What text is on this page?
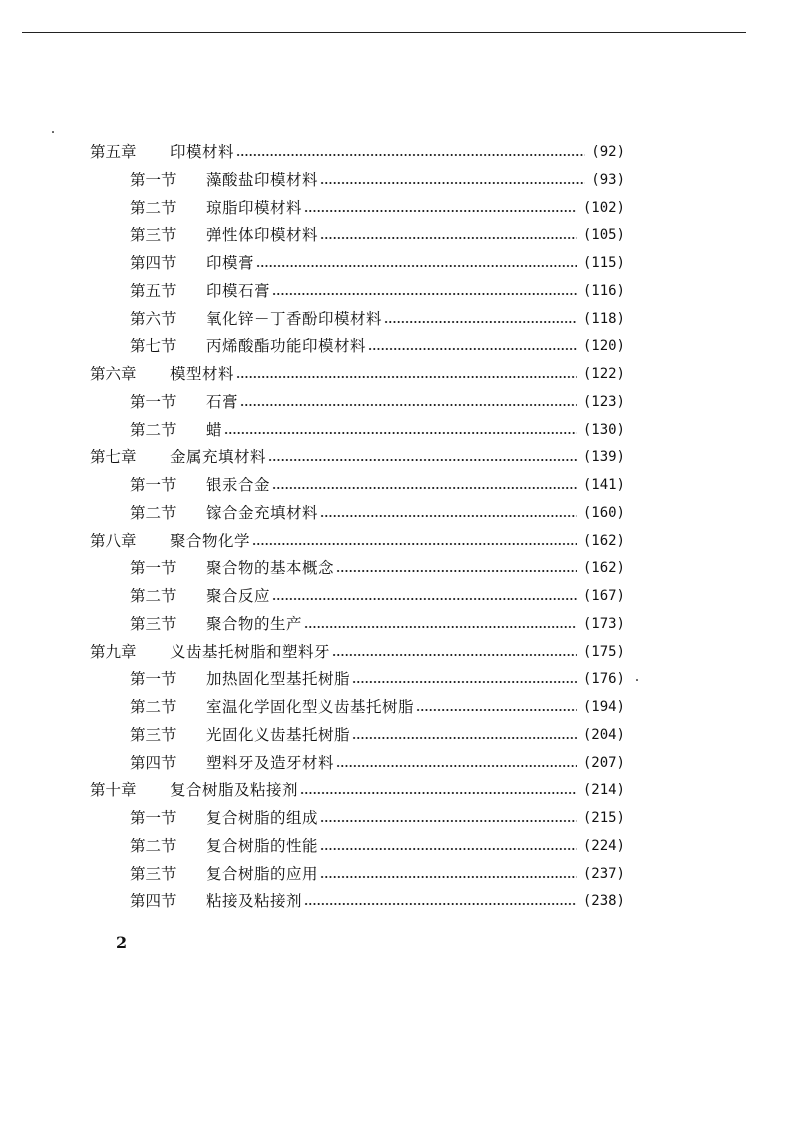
第五章	印模材料	(92)
第一节	藻酸盐印模材料	(93)
第二节	琼脂印模材料	(102)
第三节	弹性体印模材料	(105)
第四节	印模膏	(115)
第五节	印模石膏	(116)
第六节	氧化锌－丁香酚印模材料	(118)
第七节	丙烯酸酯功能印模材料	(120)
第六章	模型材料	(122)
第一节	石膏	(123)
第二节	蜡	(130)
第七章	金属充填材料	(139)
第一节	银汞合金	(141)
第二节	镓合金充填材料	(160)
第八章	聚合物化学	(162)
第一节	聚合物的基本概念	(162)
第二节	聚合反应	(167)
第三节	聚合物的生产	(173)
第九章	义齿基托树脂和塑料牙	(175)
第一节	加热固化型基托树脂	(176)
第二节	室温化学固化型义齿基托树脂	(194)
第三节	光固化义齿基托树脂	(204)
第四节	塑料牙及造牙材料	(207)
第十章	复合树脂及粘接剂	(214)
第一节	复合树脂的组成	(215)
第二节	复合树脂的性能	(224)
第三节	复合树脂的应用	(237)
第四节	粘接及粘接剂	(238)
2
